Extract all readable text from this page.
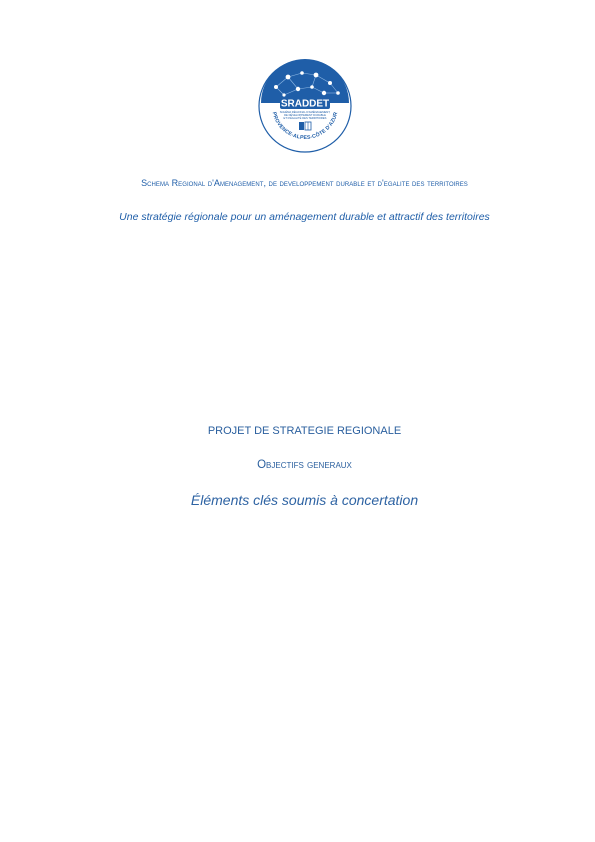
SRADDET
SCHÉMA RÉGIONAL D'AMÉNAGEMENT,
DE DÉVELOPPEMENT DURABLE
ET D'ÉGALITÉ DES TERRITOIRES
PROVENCE-ALPES-CÔTE D'AZUR
Schema Regional d'Amenagement, de developpement durable et d'egalite des territoires
Une stratégie régionale pour un aménagement durable et attractif des territoires
PROJET DE STRATEGIE REGIONALE
Objectifs generaux
Éléments clés soumis à concertation
